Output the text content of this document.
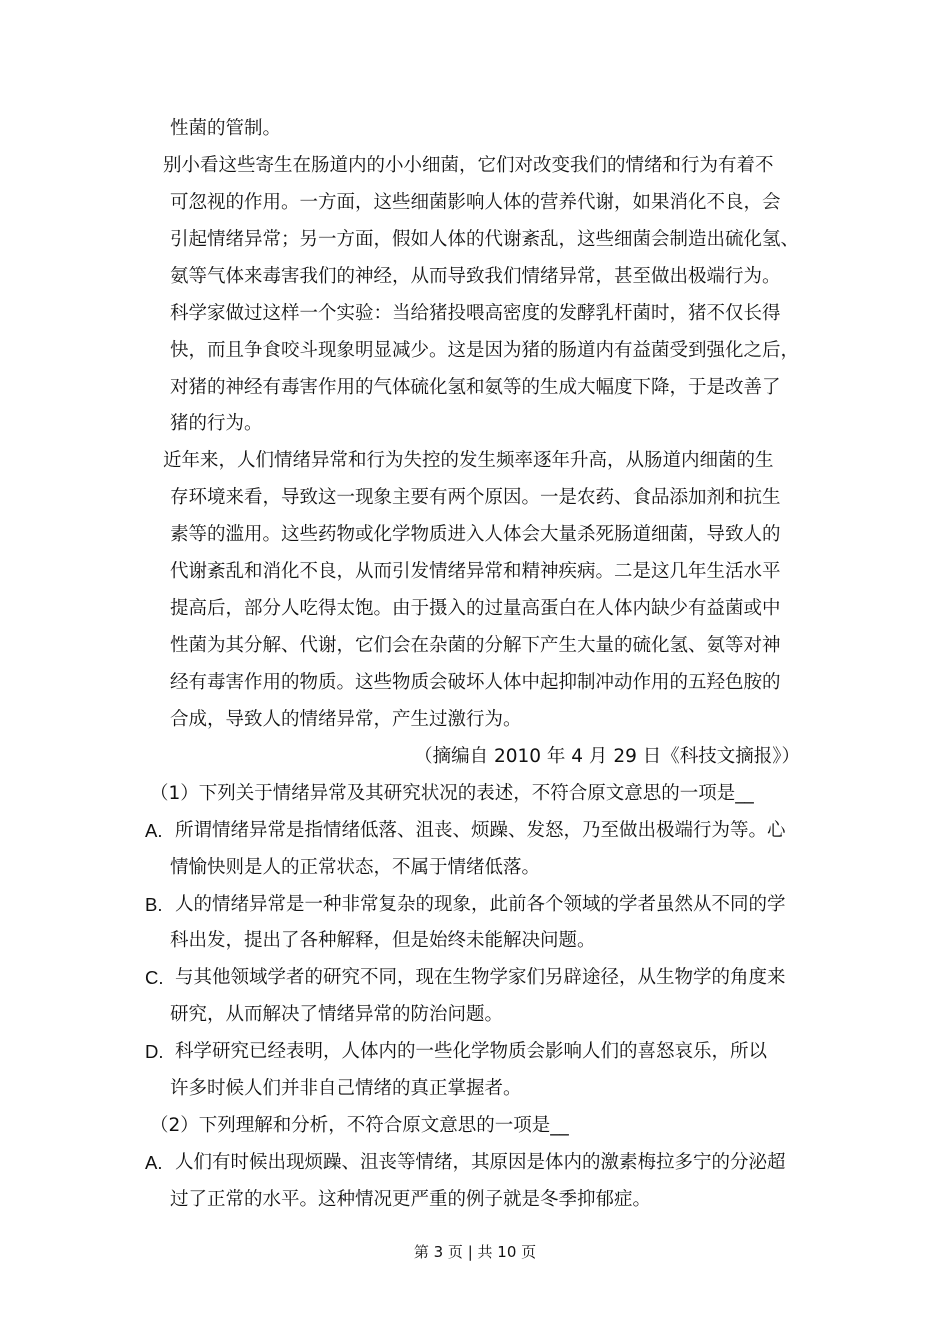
性菌的管制。
别小看这些寄生在肠道内的小小细菌，它们对改变我们的情绪和行为有着不
可忽视的作用。一方面，这些细菌影响人体的营养代谢，如果消化不良，会
引起情绪异常；另一方面，假如人体的代谢紊乱，这些细菌会制造出硫化氢、
氨等气体来毒害我们的神经，从而导致我们情绪异常，甚至做出极端行为。
科学家做过这样一个实验：当给猪投喂高密度的发酵乳杆菌时，猪不仅长得
快，而且争食咬斗现象明显减少。这是因为猪的肠道内有益菌受到强化之后，
对猪的神经有毒害作用的气体硫化氢和氨等的生成大幅度下降，于是改善了
猪的行为。
近年来，人们情绪异常和行为失控的发生频率逐年升高，从肠道内细菌的生
存环境来看，导致这一现象主要有两个原因。一是农药、食品添加剂和抗生
素等的滥用。这些药物或化学物质进入人体会大量杀死肠道细菌，导致人的
代谢紊乱和消化不良，从而引发情绪异常和精神疾病。二是这几年生活水平
提高后，部分人吃得太饱。由于摄入的过量高蛋白在人体内缺少有益菌或中
性菌为其分解、代谢，它们会在杂菌的分解下产生大量的硫化氢、氨等对神
经有毒害作用的物质。这些物质会破坏人体中起抑制冲动作用的五羟色胺的
合成，导致人的情绪异常，产生过激行为。
（摘编自 2010 年 4 月 29 日《科技文摘报》）
（1）下列关于情绪异常及其研究状况的表述，不符合原文意思的一项是__
A. 所谓情绪异常是指情绪低落、沮丧、烦躁、发怒，乃至做出极端行为等。心
情愉快则是人的正常状态，不属于情绪低落。
B. 人的情绪异常是一种非常复杂的现象，此前各个领域的学者虽然从不同的学
科出发，提出了各种解释，但是始终未能解决问题。
C. 与其他领域学者的研究不同，现在生物学家们另辟途径，从生物学的角度来
研究，从而解决了情绪异常的防治问题。
D. 科学研究已经表明，人体内的一些化学物质会影响人们的喜怒哀乐，所以
许多时候人们并非自己情绪的真正掌握者。
（2）下列理解和分析，不符合原文意思的一项是__
A. 人们有时候出现烦躁、沮丧等情绪，其原因是体内的激素梅拉多宁的分泌超
过了正常的水平。这种情况更严重的例子就是冬季抑郁症。
第 3 页 | 共 10 页
